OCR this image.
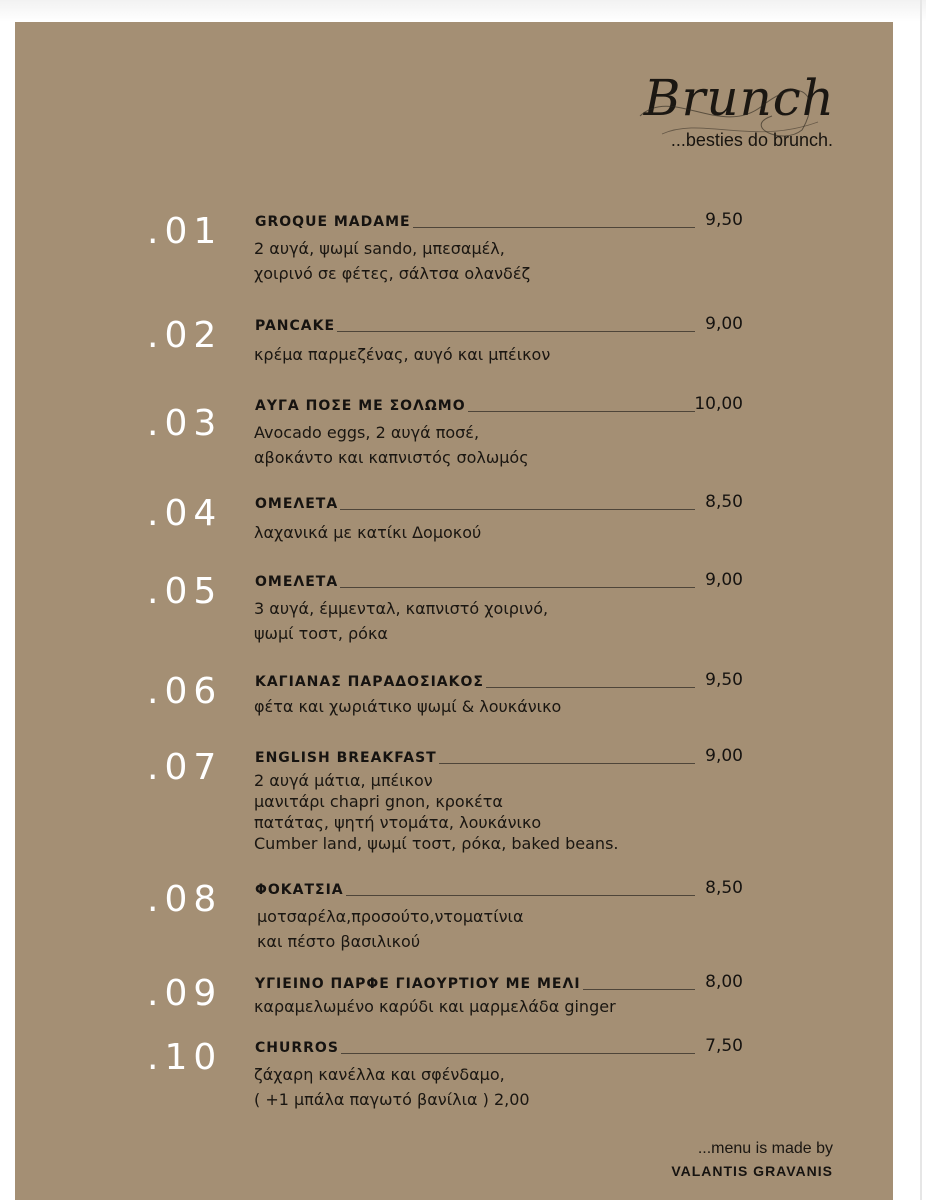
Brunch
...besties do brunch.
.01 GROQUE MADAME	9,50
2 αυγά, ψωμί sando, μπεσαμέλ,
χοιρινό σε φέτες, σάλτσα ολανδέζ
.02 PANCAKE	9,00
κρέμα παρμεζένας, αυγό και μπέικον
.03 ΑΥΓΑ ΠΟΣΕ ΜΕ ΣΟΛΩΜΟ	10,00
Avocado eggs, 2 αυγά ποσέ,
αβοκάντο και καπνιστός σολωμός
.04 ΟΜΕΛΕΤΑ	8,50
λαχανικά με κατίκι Δομοκού
.05 ΟΜΕΛΕΤΑ	9,00
3 αυγά, έμμενταλ, καπνιστό χοιρινό,
ψωμί τοστ, ρόκα
.06 ΚΑΓΙΑΝΑΣ ΠΑΡΑΔΟΣΙΑΚΟΣ	9,50
φέτα και χωριάτικο ψωμί & λουκάνικο
.07 ENGLISH BREAKFAST	9,00
2 αυγά μάτια, μπέικον
μανιτάρι chapri gnon, κροκέτα
πατάτας, ψητή ντομάτα, λουκάνικο
Cumber land, ψωμί τοστ, ρόκα, baked beans.
.08 ΦΟΚΑΤΣΙΑ	8,50
μοτσαρέλα,προσούτο,ντοματίνια
και πέστο βασιλικού
.09 ΥΓΙΕΙΝΟ ΠΑΡΦΕ ΓΙΑΟΥΡΤΙΟΥ ΜΕ ΜΕΛΙ	8,00
καραμελωμένο καρύδι και μαρμελάδα ginger
.10 CHURROS	7,50
ζάχαρη κανέλλα και σφένδαμο,
( +1 μπάλα παγωτό βανίλια ) 2,00
...menu is made by
VALANTIS GRAVANIS
